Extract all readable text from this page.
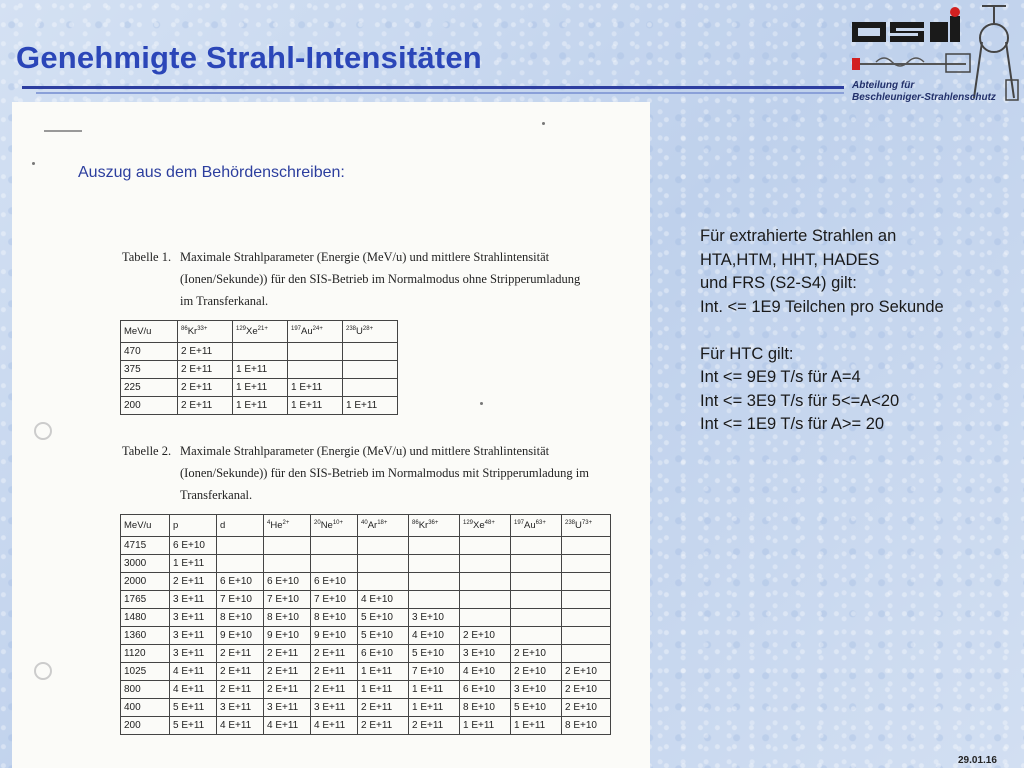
Genehmigte Strahl-Intensitäten
Abteilung für
Beschleuniger-Strahlenschutz
Auszug aus dem Behördenschreiben:
Tabelle 1. Maximale Strahlparameter (Energie (MeV/u) und mittlere Strahlintensität
(Ionen/Sekunde)) für den SIS-Betrieb im Normalmodus ohne Stripperumladung
im Transferkanal.
MeV/u	$^{86}Kr^{33+}$	$^{129}Xe^{21+}$	$^{197}Au^{24+}$	$^{238}U^{28+}$
470	2 E+11			
375	2 E+11	1 E+11		
225	2 E+11	1 E+11	1 E+11	
200	2 E+11	1 E+11	1 E+11	1 E+11
Tabelle 2. Maximale Strahlparameter (Energie (MeV/u) und mittlere Strahlintensität
(Ionen/Sekunde)) für den SIS-Betrieb im Normalmodus mit Stripperumladung im
Transferkanal.
MeV/u	p	d	$^4He^{2+}$	$^{20}Ne^{10+}$	$^{40}Ar^{18+}$	$^{86}Kr^{36+}$	$^{129}Xe^{48+}$	$^{197}Au^{63+}$	$^{238}U^{73+}$
4715	6 E+10								
3000	1 E+11								
2000	2 E+11	6 E+10	6 E+10	6 E+10					
1765	3 E+11	7 E+10	7 E+10	7 E+10	4 E+10				
1480	3 E+11	8 E+10	8 E+10	8 E+10	5 E+10	3 E+10			
1360	3 E+11	9 E+10	9 E+10	9 E+10	5 E+10	4 E+10	2 E+10		
1120	3 E+11	2 E+11	2 E+11	2 E+11	6 E+10	5 E+10	3 E+10	2 E+10	
1025	4 E+11	2 E+11	2 E+11	2 E+11	1 E+11	7 E+10	4 E+10	2 E+10	2 E+10
800	4 E+11	2 E+11	2 E+11	2 E+11	1 E+11	1 E+11	6 E+10	3 E+10	2 E+10
400	5 E+11	3 E+11	3 E+11	3 E+11	2 E+11	1 E+11	8 E+10	5 E+10	2 E+10
200	5 E+11	4 E+11	4 E+11	4 E+11	2 E+11	2 E+11	1 E+11	1 E+11	8 E+10
Für extrahierte Strahlen an
HTA,HTM, HHT, HADES
und FRS (S2-S4) gilt:
Int. <= 1E9 Teilchen pro Sekunde
Für HTC gilt:
Int <= 9E9 T/s für A=4
Int <= 3E9 T/s für 5<=A<20
Int <= 1E9 T/s für A>= 20
29.01.16
